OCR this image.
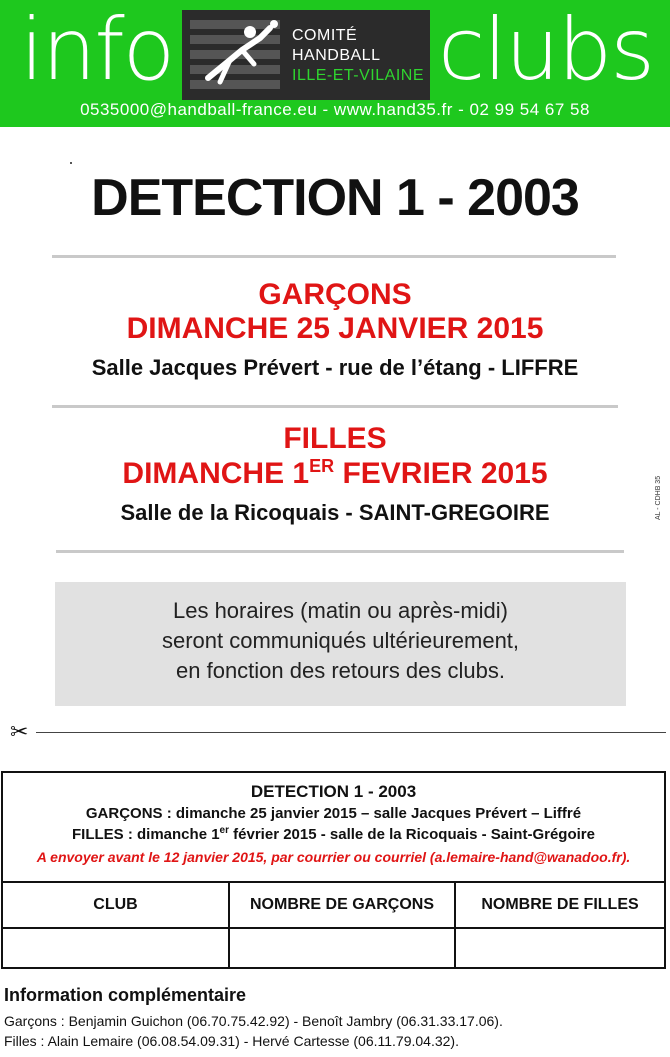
info	COMITÉ
HANDBALL
ILLE-ET-VILAINE clubs
0535000@handball-france.eu - www.hand35.fr - 02 99 54 67 58
DETECTION 1 - 2003
GARÇONS
DIMANCHE 25 JANVIER 2015
Salle Jacques Prévert - rue de l’étang - LIFFRE
FILLES
DIMANCHE 1ER FEVRIER 2015
Salle de la Ricoquais - SAINT-GREGOIRE	AL - CDHB 35
Les horaires (matin ou après-midi)
seront communiqués ultérieurement,
en fonction des retours des clubs.
✂
DETECTION 1 - 2003
GARÇONS : dimanche 25 janvier 2015 – salle Jacques Prévert – Liffré
FILLES : dimanche 1er février 2015 - salle de la Ricoquais - Saint-Grégoire
A envoyer avant le 12 janvier 2015, par courrier ou courriel (a.lemaire-hand@wanadoo.fr).
CLUB	NOMBRE DE GARÇONS	NOMBRE DE FILLES

Information complémentaire
Garçons : Benjamin Guichon (06.70.75.42.92) - Benoît Jambry (06.31.33.17.06).
Filles : Alain Lemaire (06.08.54.09.31) - Hervé Cartesse (06.11.79.04.32).
